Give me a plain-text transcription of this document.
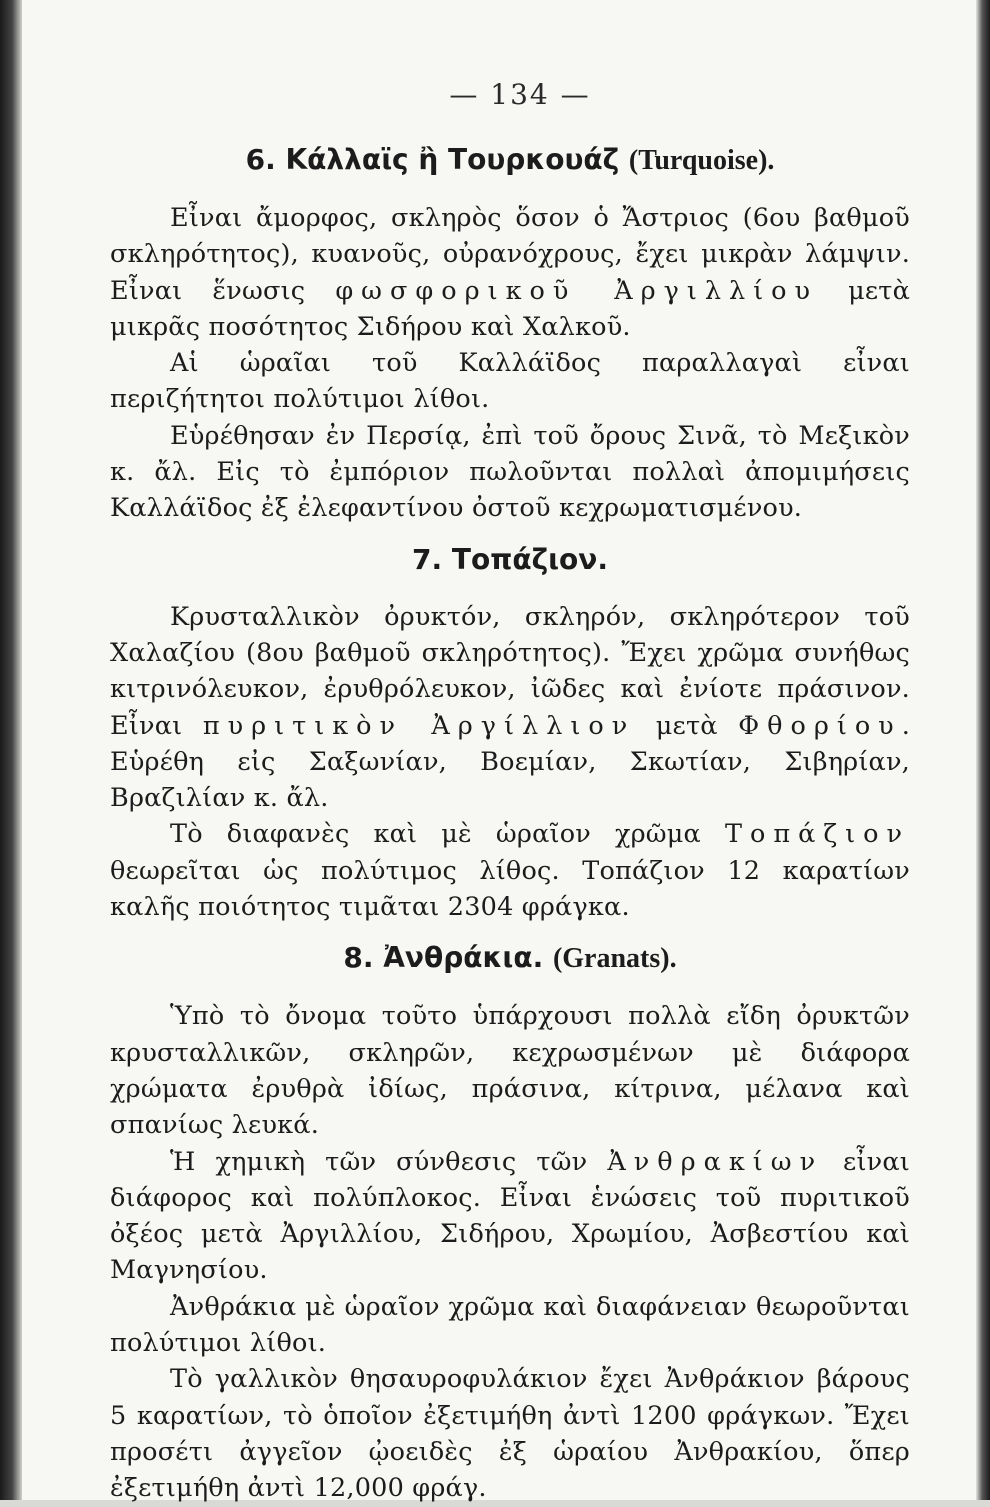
— 134 —
6. Κάλλαϊς ἢ Τουρκουάζ (Turquoise).

Εἶναι ἄμορφος, σκληρὸς ὅσον ὁ Ἄστριος (6ου βαθμοῦ σκληρότητος), κυανοῦς, οὐρανόχρους, ἔχει μικρὰν λάμψιν. Εἶναι ἕνωσις φωσφορικοῦ Ἀργιλλίου μετὰ μικρᾶς ποσότητος Σιδήρου καὶ Χαλκοῦ.

Αἱ ὡραῖαι τοῦ Καλλάϊδος παραλλαγαὶ εἶναι περιζήτητοι πολύτιμοι λίθοι.

Εὑρέθησαν ἐν Περσίᾳ, ἐπὶ τοῦ ὄρους Σινᾶ, τὸ Μεξικὸν κ. ἄλ. Εἰς τὸ ἐμπόριον πωλοῦνται πολλαὶ ἀπομιμήσεις Καλλάϊδος ἐξ ἐλεφαντίνου ὀστοῦ κεχρωματισμένου.

7. Τοπάζιον.

Κρυσταλλικὸν ὀρυκτόν, σκληρόν, σκληρότερον τοῦ Χαλαζίου (8ου βαθμοῦ σκληρότητος). Ἔχει χρῶμα συνήθως κιτρινόλευκον, ἐρυθρόλευκον, ἰῶδες καὶ ἐνίοτε πράσινον. Εἶναι πυριτικὸν Ἀργίλλιον μετὰ Φθορίου. Εὑρέθη εἰς Σαξωνίαν, Βοεμίαν, Σκωτίαν, Σιβηρίαν, Βραζιλίαν κ. ἄλ.

Τὸ διαφανὲς καὶ μὲ ὡραῖον χρῶμα Τοπάζιον θεωρεῖται ὡς πολύτιμος λίθος. Τοπάζιον 12 καρατίων καλῆς ποιότητος τιμᾶται 2304 φράγκα.

8. Ἀνθράκια. (Granats).

Ὑπὸ τὸ ὄνομα τοῦτο ὑπάρχουσι πολλὰ εἴδη ὀρυκτῶν κρυσταλλικῶν, σκληρῶν, κεχρωσμένων μὲ διάφορα χρώματα ἐρυθρὰ ἰδίως, πράσινα, κίτρινα, μέλανα καὶ σπανίως λευκά.

Ἡ χημικὴ τῶν σύνθεσις τῶν Ἀνθρακίων εἶναι διάφορος καὶ πολύπλοκος. Εἶναι ἑνώσεις τοῦ πυριτικοῦ ὀξέος μετὰ Ἀργιλλίου, Σιδήρου, Χρωμίου, Ἀσβεστίου καὶ Μαγνησίου.

Ἀνθράκια μὲ ὡραῖον χρῶμα καὶ διαφάνειαν θεωροῦνται πολύτιμοι λίθοι.

Τὸ γαλλικὸν θησαυροφυλάκιον ἔχει Ἀνθράκιον βάρους 5 καρατίων, τὸ ὁποῖον ἐξετιμήθη ἀντὶ 1200 φράγκων. Ἔχει προσέτι ἀγγεῖον ᾠοειδὲς ἐξ ὡραίου Ἀνθρακίου, ὅπερ ἐξετιμήθη ἀντὶ 12,000 φράγ.
